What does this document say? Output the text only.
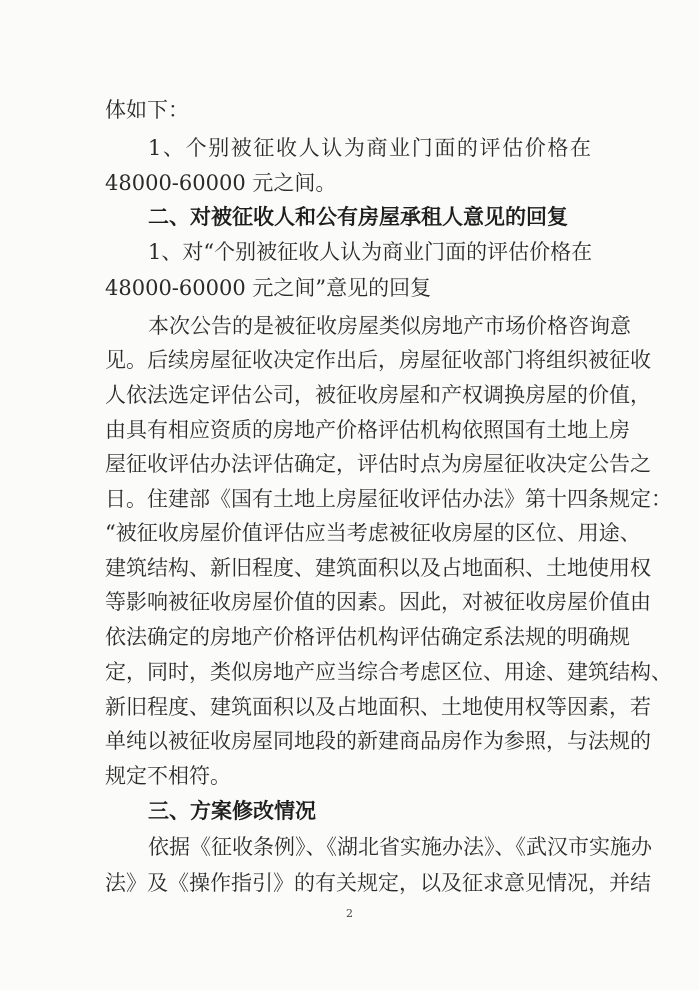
体如下：
1、个别被征收人认为商业门面的评估价格在
48000-60000 元之间。
二、对被征收人和公有房屋承租人意见的回复
1、对“个别被征收人认为商业门面的评估价格在
48000-60000 元之间”意见的回复
本次公告的是被征收房屋类似房地产市场价格咨询意
见。后续房屋征收决定作出后，房屋征收部门将组织被征收
人依法选定评估公司，被征收房屋和产权调换房屋的价值，
由具有相应资质的房地产价格评估机构依照国有土地上房
屋征收评估办法评估确定，评估时点为房屋征收决定公告之
日。住建部《国有土地上房屋征收评估办法》第十四条规定：
“被征收房屋价值评估应当考虑被征收房屋的区位、用途、
建筑结构、新旧程度、建筑面积以及占地面积、土地使用权
等影响被征收房屋价值的因素。因此，对被征收房屋价值由
依法确定的房地产价格评估机构评估确定系法规的明确规
定，同时，类似房地产应当综合考虑区位、用途、建筑结构、
新旧程度、建筑面积以及占地面积、土地使用权等因素，若
单纯以被征收房屋同地段的新建商品房作为参照，与法规的
规定不相符。
三、方案修改情况
依据《征收条例》、《湖北省实施办法》、《武汉市实施办
法》及《操作指引》的有关规定，以及征求意见情况，并结
2
